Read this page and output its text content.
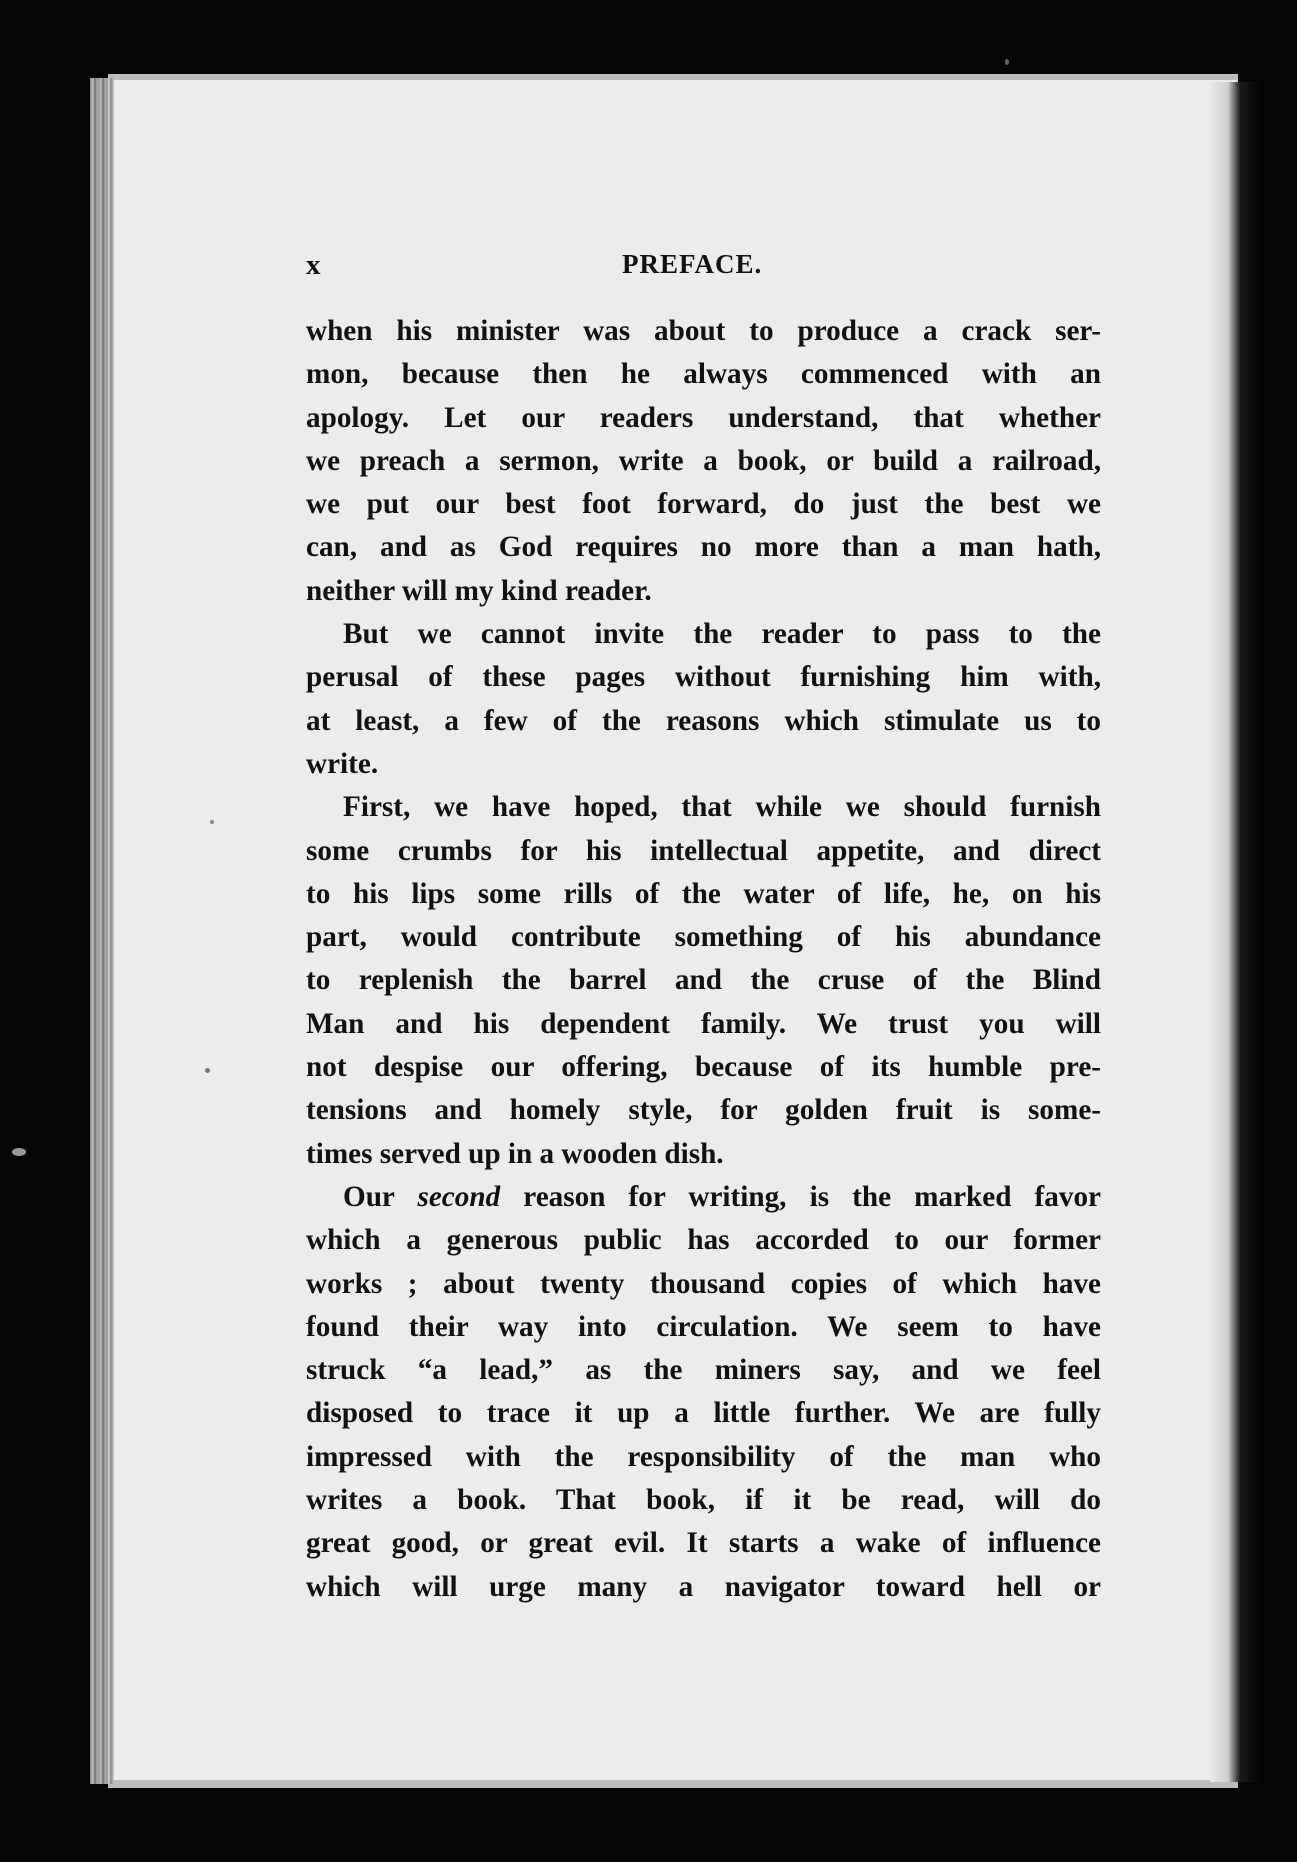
x	PREFACE.
when his minister was about to produce a crack ser-
mon, because then he always commenced with an
apology. Let our readers understand, that whether
we preach a sermon, write a book, or build a railroad,
we put our best foot forward, do just the best we
can, and as God requires no more than a man hath,
neither will my kind reader.
But we cannot invite the reader to pass to the
perusal of these pages without furnishing him with,
at least, a few of the reasons which stimulate us to
write.
First, we have hoped, that while we should furnish
some crumbs for his intellectual appetite, and direct
to his lips some rills of the water of life, he, on his
part, would contribute something of his abundance
to replenish the barrel and the cruse of the Blind
Man and his dependent family. We trust you will
not despise our offering, because of its humble pre-
tensions and homely style, for golden fruit is some-
times served up in a wooden dish.
Our second reason for writing, is the marked favor
which a generous public has accorded to our former
works ; about twenty thousand copies of which have
found their way into circulation. We seem to have
struck “a lead,” as the miners say, and we feel
disposed to trace it up a little further. We are fully
impressed with the responsibility of the man who
writes a book. That book, if it be read, will do
great good, or great evil. It starts a wake of influence
which will urge many a navigator toward hell or
